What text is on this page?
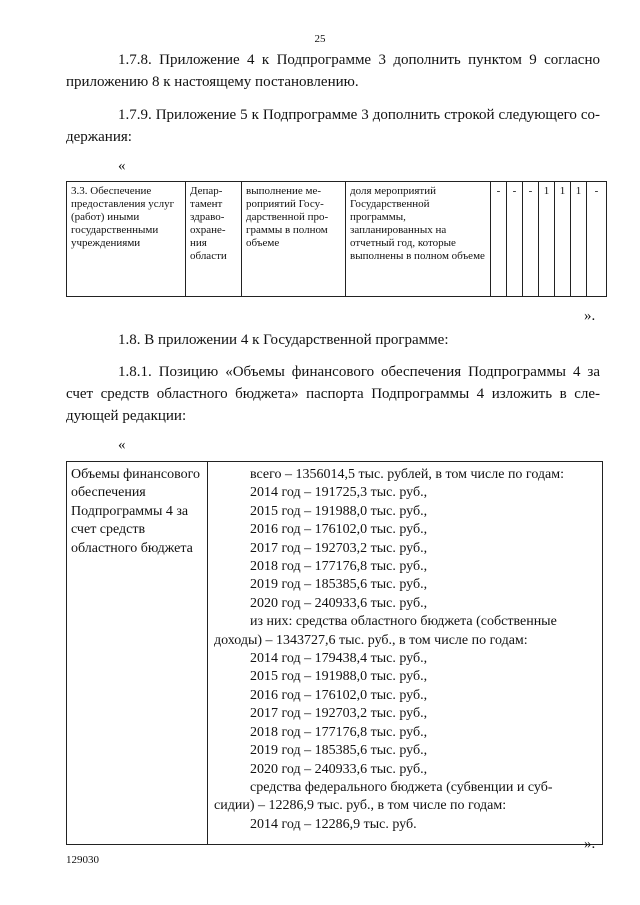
25
1.7.8. Приложение 4 к Подпрограмме 3 дополнить пунктом 9 согласно
приложению 8 к настоящему постановлению.
1.7.9. Приложение 5 к Подпрограмме 3 дополнить строкой следующего со-
держания:
«
3.3. Обеспечение предоставления услуг (работ) иными государственными учреждениями	Депар-тамент здраво-охране-ния области	выполнение ме-роприятий Госу-дарственной про-граммы в полном объеме	доля мероприятий Государственной программы, запланированных на отчетный год, которые выполнены в полном объеме	-	-	-	1	1	1	-
».
1.8. В приложении 4 к Государственной программе:
1.8.1. Позицию «Объемы финансового обеспечения Подпрограммы 4 за
счет средств областного бюджета» паспорта Подпрограммы 4 изложить в сле-
дующей редакции:
«
Объемы финансового обеспечения Подпрограммы 4 за счет средств областного бюджета	
всего – 1356014,5 тыс. рублей, в том числе по годам:
2014 год – 191725,3 тыс. руб.,
2015 год – 191988,0 тыс. руб.,
2016 год – 176102,0 тыс. руб.,
2017 год – 192703,2 тыс. руб.,
2018 год – 177176,8 тыс. руб.,
2019 год – 185385,6 тыс. руб.,
2020 год – 240933,6 тыс. руб.,
из них: средства областного бюджета (собственные
доходы) – 1343727,6 тыс. руб., в том числе по годам:
2014 год – 179438,4 тыс. руб.,
2015 год – 191988,0 тыс. руб.,
2016 год – 176102,0 тыс. руб.,
2017 год – 192703,2 тыс. руб.,
2018 год – 177176,8 тыс. руб.,
2019 год – 185385,6 тыс. руб.,
2020 год – 240933,6 тыс. руб.,
средства федерального бюджета (субвенции и суб-
сидии) – 12286,9 тыс. руб., в том числе по годам:
2014 год – 12286,9 тыс. руб.
».
129030
